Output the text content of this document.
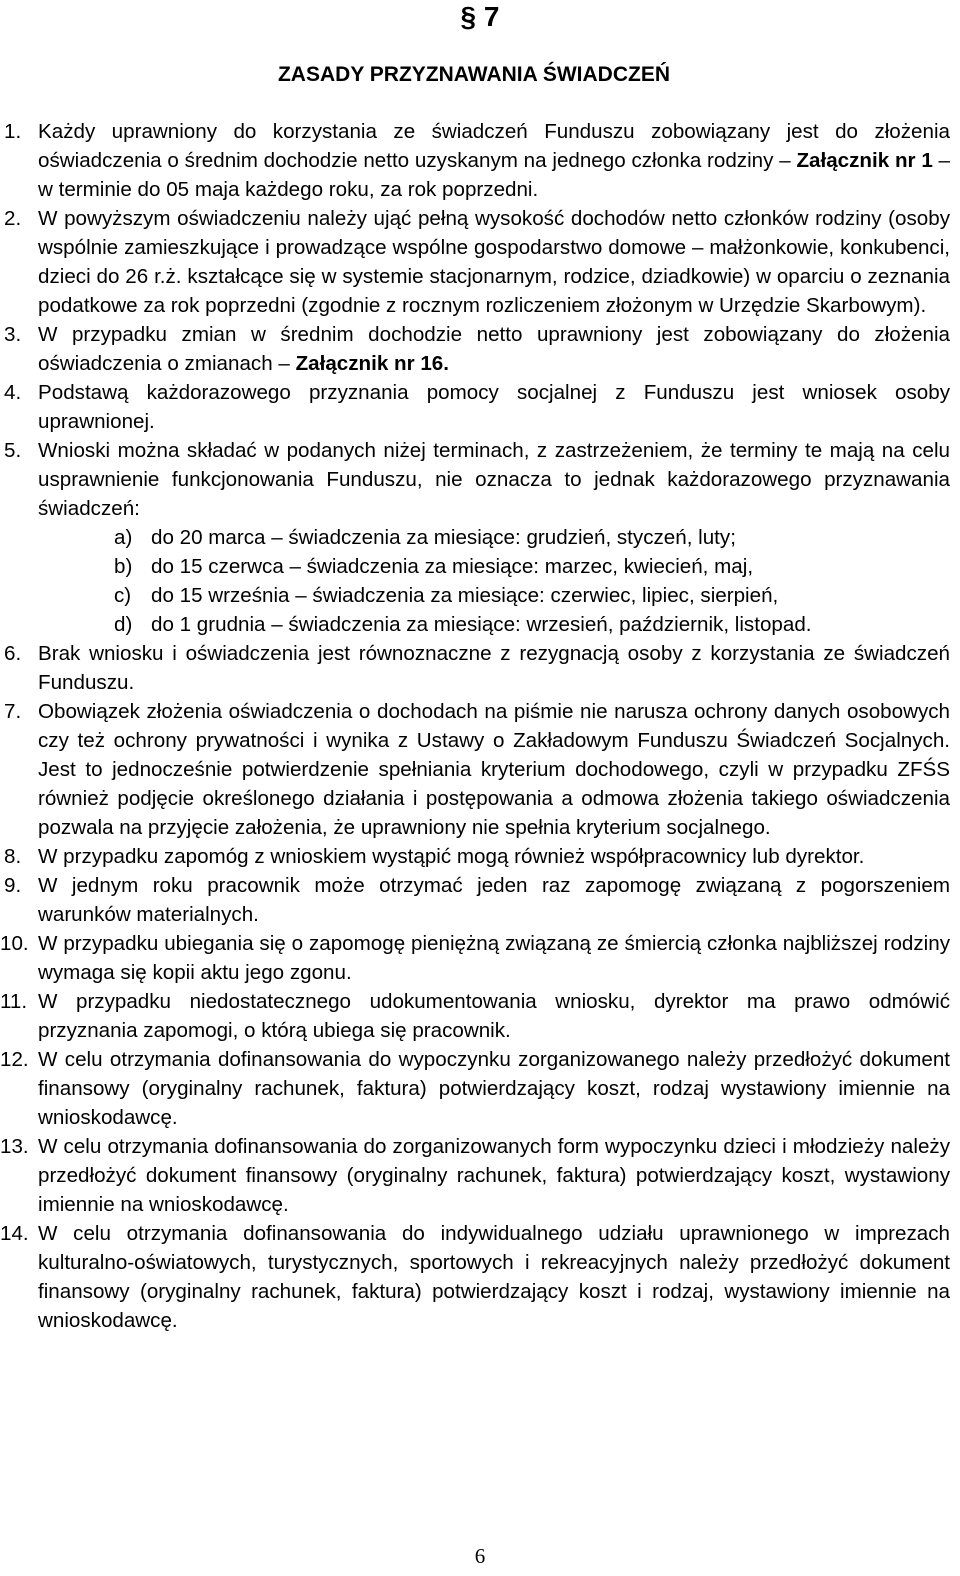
§ 7
ZASADY PRZYZNAWANIA ŚWIADCZEŃ
1. Każdy uprawniony do korzystania ze świadczeń Funduszu zobowiązany jest do złożenia oświadczenia o średnim dochodzie netto uzyskanym na jednego członka rodziny – Załącznik nr 1 – w terminie do 05 maja każdego roku, za rok poprzedni.
2. W powyższym oświadczeniu należy ująć pełną wysokość dochodów netto członków rodziny (osoby wspólnie zamieszkujące i prowadzące wspólne gospodarstwo domowe – małżonkowie, konkubenci, dzieci do 26 r.ż. kształcące się w systemie stacjonarnym, rodzice, dziadkowie) w oparciu o zeznania podatkowe za rok poprzedni (zgodnie z rocznym rozliczeniem złożonym w Urzędzie Skarbowym).
3. W przypadku zmian w średnim dochodzie netto uprawniony jest zobowiązany do złożenia oświadczenia o zmianach – Załącznik nr 16.
4. Podstawą każdorazowego przyznania pomocy socjalnej z Funduszu jest wniosek osoby uprawnionej.
5. Wnioski można składać w podanych niżej terminach, z zastrzeżeniem, że terminy te mają na celu usprawnienie funkcjonowania Funduszu, nie oznacza to jednak każdorazowego przyznawania świadczeń:
a) do 20 marca – świadczenia za miesiące: grudzień, styczeń, luty;
b) do 15 czerwca – świadczenia za miesiące: marzec, kwiecień, maj,
c) do 15 września – świadczenia za miesiące: czerwiec, lipiec, sierpień,
d) do 1 grudnia – świadczenia za miesiące: wrzesień, październik, listopad.
6. Brak wniosku i oświadczenia jest równoznaczne z rezygnacją osoby z korzystania ze świadczeń Funduszu.
7. Obowiązek złożenia oświadczenia o dochodach na piśmie nie narusza ochrony danych osobowych czy też ochrony prywatności i wynika z Ustawy o Zakładowym Funduszu Świadczeń Socjalnych. Jest to jednocześnie potwierdzenie spełniania kryterium dochodowego, czyli w przypadku ZFŚS również podjęcie określonego działania i postępowania a odmowa złożenia takiego oświadczenia pozwala na przyjęcie założenia, że uprawniony nie spełnia kryterium socjalnego.
8. W przypadku zapomóg z wnioskiem wystąpić mogą również współpracownicy lub dyrektor.
9. W jednym roku pracownik może otrzymać jeden raz zapomogę związaną z pogorszeniem warunków materialnych.
10. W przypadku ubiegania się o zapomogę pieniężną związaną ze śmiercią członka najbliższej rodziny wymaga się kopii aktu jego zgonu.
11. W przypadku niedostatecznego udokumentowania wniosku, dyrektor ma prawo odmówić przyznania zapomogi, o którą ubiega się pracownik.
12. W celu otrzymania dofinansowania do wypoczynku zorganizowanego należy przedłożyć dokument finansowy (oryginalny rachunek, faktura) potwierdzający koszt, rodzaj wystawiony imiennie na wnioskodawcę.
13. W celu otrzymania dofinansowania do zorganizowanych form wypoczynku dzieci i młodzieży należy przedłożyć dokument finansowy (oryginalny rachunek, faktura) potwierdzający koszt, wystawiony imiennie na wnioskodawcę.
14. W celu otrzymania dofinansowania do indywidualnego udziału uprawnionego w imprezach kulturalno-oświatowych, turystycznych, sportowych i rekreacyjnych należy przedłożyć dokument finansowy (oryginalny rachunek, faktura) potwierdzający koszt i rodzaj, wystawiony imiennie na wnioskodawcę.
6
